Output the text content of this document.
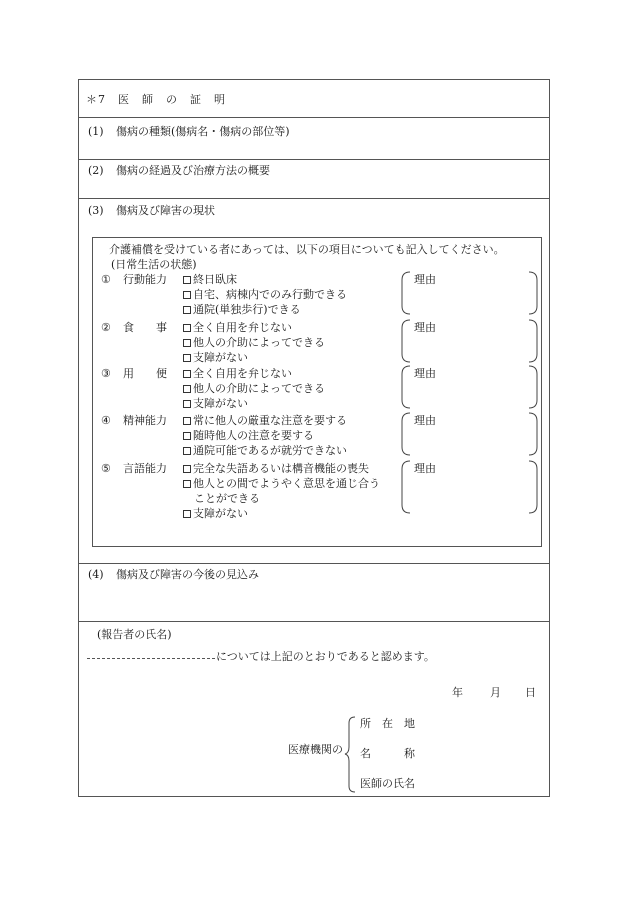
＊7　医　師　の　証　明
(1) 傷病の種類(傷病名・傷病の部位等)
(2) 傷病の経過及び治療方法の概要
(3) 傷病及び障害の現状
介護補償を受けている者にあっては、以下の項目についても記入してください。
(日常生活の状態)
① 行動能力	終日臥床
自宅、病棟内でのみ行動できる
通院(単独歩行)できる
理由
② 食　　事	全く自用を弁じない
他人の介助によってできる
支障がない
理由
③ 用　　便	全く自用を弁じない
他人の介助によってできる
支障がない
理由
④ 精神能力	常に他人の厳重な注意を要する
随時他人の注意を要する
通院可能であるが就労できない
理由
⑤ 言語能力	完全な失語あるいは構音機能の喪失
他人との間でようやく意思を通じ合う
ことができる
支障がない
理由
(4) 傷病及び障害の今後の見込み
(報告者の氏名)
については上記のとおりであると認めます。
年 月 日
医療機関の
所　在　地
名　　　称
医師の氏名
